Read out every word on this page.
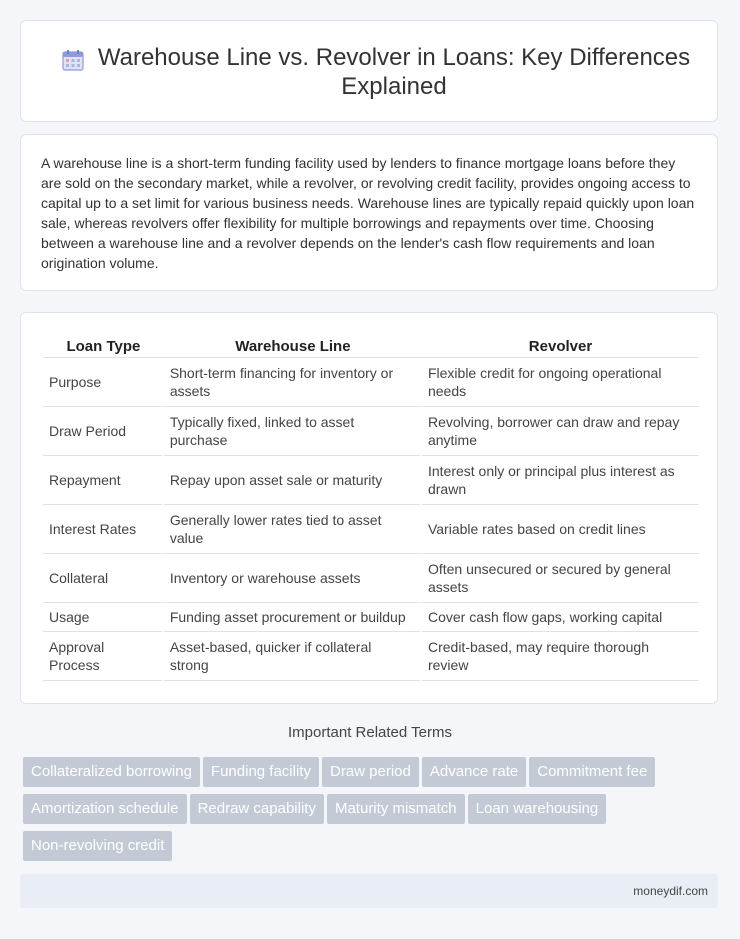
Warehouse Line vs. Revolver in Loans: Key Differences Explained

A warehouse line is a short-term funding facility used by lenders to finance mortgage loans before they are sold on the secondary market, while a revolver, or revolving credit facility, provides ongoing access to capital up to a set limit for various business needs. Warehouse lines are typically repaid quickly upon loan sale, whereas revolvers offer flexibility for multiple borrowings and repayments over time. Choosing between a warehouse line and a revolver depends on the lender's cash flow requirements and loan origination volume.

Loan Type	Warehouse Line	Revolver
Purpose	Short-term financing for inventory or assets	Flexible credit for ongoing operational needs
Draw Period	Typically fixed, linked to asset purchase	Revolving, borrower can draw and repay anytime
Repayment	Repay upon asset sale or maturity	Interest only or principal plus interest as drawn
Interest Rates	Generally lower rates tied to asset value	Variable rates based on credit lines
Collateral	Inventory or warehouse assets	Often unsecured or secured by general assets
Usage	Funding asset procurement or buildup	Cover cash flow gaps, working capital
Approval Process	Asset-based, quicker if collateral strong	Credit-based, may require thorough review
Important Related Terms
Collateralized borrowing Funding facility Draw period Advance rate Commitment feeAmortization schedule Redraw capability Maturity mismatch Loan warehousingNon-revolving credit
moneydif.com
